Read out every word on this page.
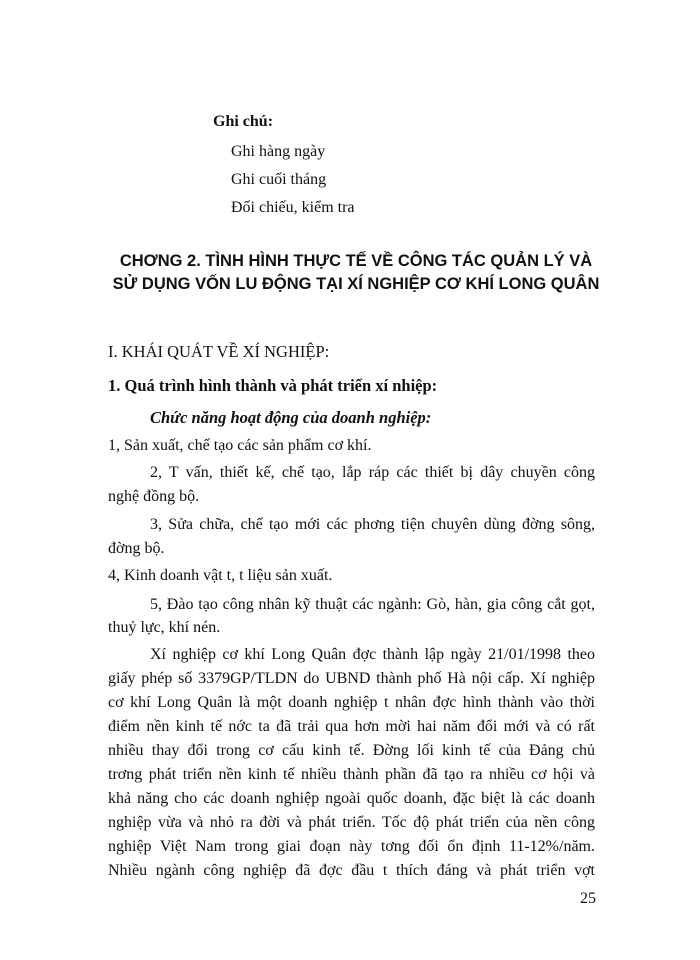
Ghi chú:

Ghi hàng ngày

Ghi cuối tháng

Đối chiếu, kiểm tra

CHƠNG 2. TÌNH HÌNH THỰC TẾ VỀ CÔNG TÁC QUẢN LÝ VÀ SỬ DỤNG VỐN LU ĐỘNG TẠI XÍ NGHIỆP CƠ KHÍ LONG QUÂN

I. KHÁI QUÁT VỀ XÍ NGHIỆP:

1. Quá trình hình thành và phát triển xí nhiệp:

Chức năng hoạt động của doanh nghiệp:

1, Sản xuất, chế tạo các sản phẩm cơ khí.

2, T vấn, thiết kế, chế tạo, lắp ráp các thiết bị dây chuyền công

nghệ đồng bộ.

3, Sửa chữa, chế tạo mới các phơng tiện chuyên dùng đờng sông,

đờng bộ.

4, Kinh doanh vật t, t liệu sản xuất.

5, Đào tạo công nhân kỹ thuật các ngành: Gò, hàn, gia công cắt gọt,

thuỷ lực, khí nén.

Xí nghiệp cơ khí Long Quân đợc thành lập ngày 21/01/1998 theo
giấy phép số 3379GP/TLDN do UBND thành phố Hà nội cấp. Xí nghiệp
cơ khí Long Quân là một doanh nghiệp t nhân đợc hình thành vào thời
điểm nền kinh tế nớc ta đã trải qua hơn mời hai năm đổi mới và có rất
nhiều thay đổi trong cơ cấu kinh tế. Đờng lối kinh tế của Đảng chủ
trơng phát triển nền kinh tế nhiều thành phần đã tạo ra nhiều cơ hội và
khả năng cho các doanh nghiệp ngoài quốc doanh, đặc biệt là các doanh
nghiệp vừa và nhỏ ra đời và phát triển. Tốc độ phát triển của nền công
nghiệp Việt Nam trong giai đoạn này tơng đối ổn định 11-12%/năm.
Nhiều ngành công nghiệp đã đợc đầu t thích đáng và phát triển vợt

25
